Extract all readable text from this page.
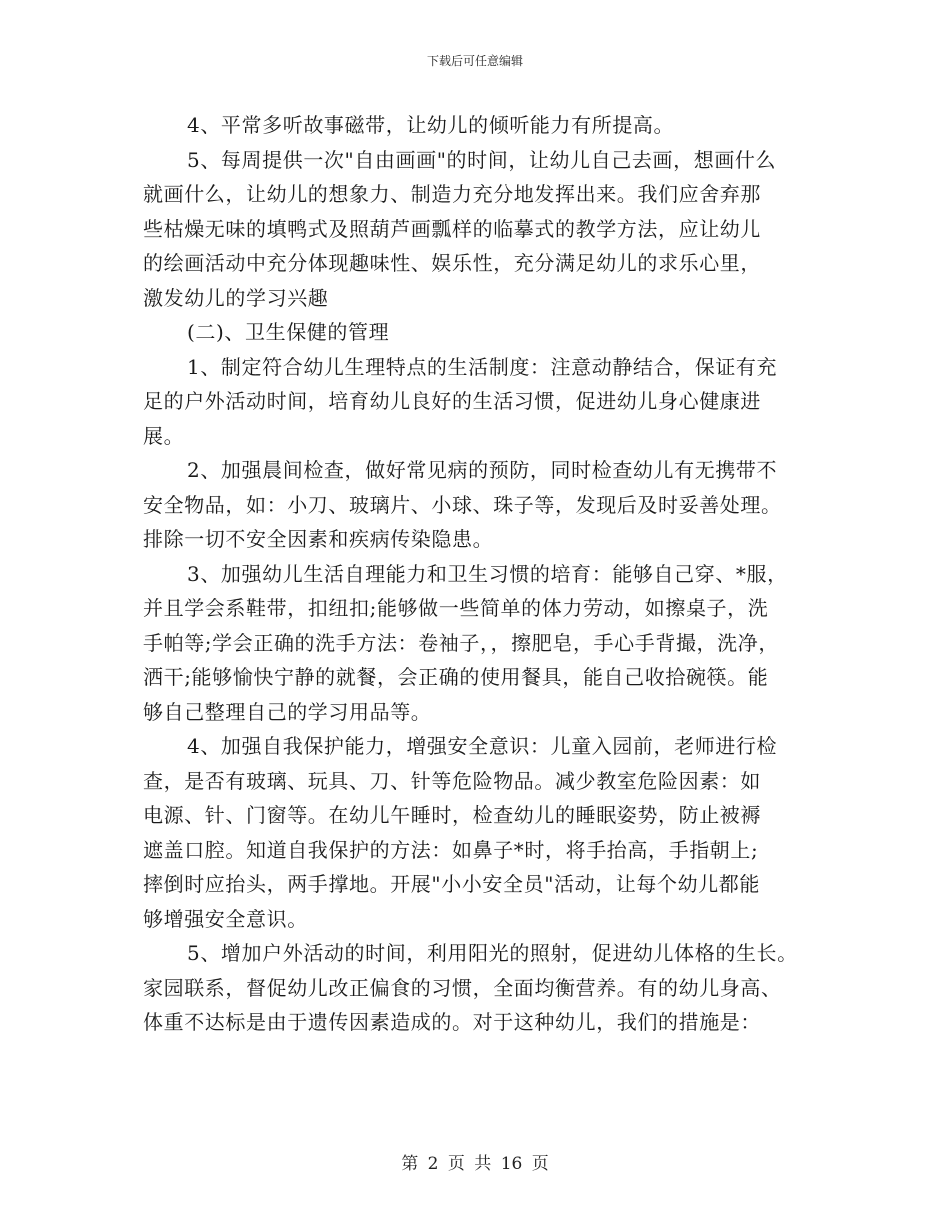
下载后可任意编辑
4、平常多听故事磁带，让幼儿的倾听能力有所提高。
5、每周提供一次"自由画画"的时间，让幼儿自己去画，想画什么
就画什么，让幼儿的想象力、制造力充分地发挥出来。我们应舍弃那
些枯燥无味的填鸭式及照葫芦画瓢样的临摹式的教学方法，应让幼儿
的绘画活动中充分体现趣味性、娱乐性，充分满足幼儿的求乐心里，
激发幼儿的学习兴趣
(二)、卫生保健的管理
1、制定符合幼儿生理特点的生活制度：注意动静结合，保证有充
足的户外活动时间，培育幼儿良好的生活习惯，促进幼儿身心健康进
展。
2、加强晨间检查，做好常见病的预防，同时检查幼儿有无携带不
安全物品，如：小刀、玻璃片、小球、珠子等，发现后及时妥善处理。
排除一切不安全因素和疾病传染隐患。
3、加强幼儿生活自理能力和卫生习惯的培育：能够自己穿、*服，
并且学会系鞋带，扣纽扣;能够做一些简单的体力劳动，如擦桌子，洗
手帕等;学会正确的洗手方法：卷袖子，，擦肥皂，手心手背撮，洗净，
洒干;能够愉快宁静的就餐，会正确的使用餐具，能自己收拾碗筷。能
够自己整理自己的学习用品等。
4、加强自我保护能力，增强安全意识：儿童入园前，老师进行检
查，是否有玻璃、玩具、刀、针等危险物品。减少教室危险因素：如
电源、针、门窗等。在幼儿午睡时，检查幼儿的睡眠姿势，防止被褥
遮盖口腔。知道自我保护的方法：如鼻子*时，将手抬高，手指朝上;
摔倒时应抬头，两手撑地。开展"小小安全员"活动，让每个幼儿都能
够增强安全意识。
5、增加户外活动的时间，利用阳光的照射，促进幼儿体格的生长。
家园联系，督促幼儿改正偏食的习惯，全面均衡营养。有的幼儿身高、
体重不达标是由于遗传因素造成的。对于这种幼儿，我们的措施是：
第 2 页 共 16 页
